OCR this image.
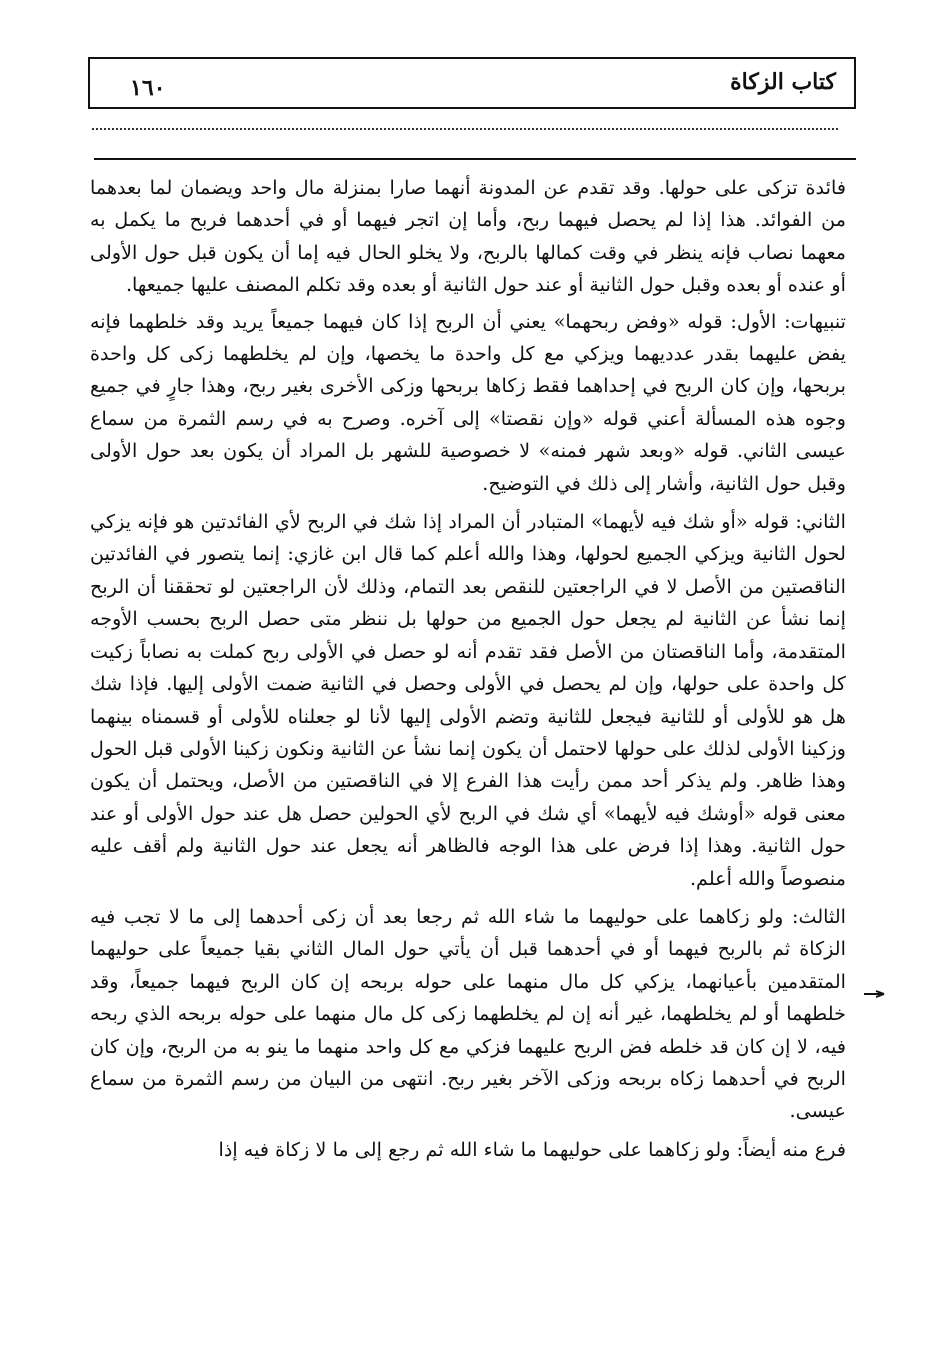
كتاب الزكاة
١٦٠

فائدة تزكى على حولها. وقد تقدم عن المدونة أنهما صارا بمنزلة مال واحد ويضمان لما بعدهما من الفوائد. هذا إذا لم يحصل فيهما ربح، وأما إن اتجر فيهما أو في أحدهما فربح ما يكمل به معهما نصاب فإنه ينظر في وقت كمالها بالربح، ولا يخلو الحال فيه إما أن يكون قبل حول الأولى أو عنده أو بعده وقبل حول الثانية أو عند حول الثانية أو بعده وقد تكلم المصنف عليها جميعها.

تنبيهات: الأول: قوله «وفض ربحهما» يعني أن الربح إذا كان فيهما جميعاً يريد وقد خلطهما فإنه يفض عليهما بقدر عدديهما ويزكي مع كل واحدة ما يخصها، وإن لم يخلطهما زكى كل واحدة بربحها، وإن كان الربح في إحداهما فقط زكاها بربحها وزكى الأخرى بغير ربح، وهذا جارٍ في جميع وجوه هذه المسألة أعني قوله «وإن نقصتا» إلى آخره. وصرح به في رسم الثمرة من سماع عيسى الثاني. قوله «وبعد شهر فمنه» لا خصوصية للشهر بل المراد أن يكون بعد حول الأولى وقبل حول الثانية، وأشار إلى ذلك في التوضيح.

الثاني: قوله «أو شك فيه لأيهما» المتبادر أن المراد إذا شك في الربح لأي الفائدتين هو فإنه يزكي لحول الثانية ويزكي الجميع لحولها، وهذا والله أعلم كما قال ابن غازي: إنما يتصور في الفائدتين الناقصتين من الأصل لا في الراجعتين للنقص بعد التمام، وذلك لأن الراجعتين لو تحققنا أن الربح إنما نشأ عن الثانية لم يجعل حول الجميع من حولها بل ننظر متى حصل الربح بحسب الأوجه المتقدمة، وأما الناقصتان من الأصل فقد تقدم أنه لو حصل في الأولى ربح كملت به نصاباً زكيت كل واحدة على حولها، وإن لم يحصل في الأولى وحصل في الثانية ضمت الأولى إليها. فإذا شك هل هو للأولى أو للثانية فيجعل للثانية وتضم الأولى إليها لأنا لو جعلناه للأولى أو قسمناه بينهما وزكينا الأولى لذلك على حولها لاحتمل أن يكون إنما نشأ عن الثانية ونكون زكينا الأولى قبل الحول وهذا ظاهر. ولم يذكر أحد ممن رأيت هذا الفرع إلا في الناقصتين من الأصل، ويحتمل أن يكون معنى قوله «أوشك فيه لأيهما» أي شك في الربح لأي الحولين حصل هل عند حول الأولى أو عند حول الثانية. وهذا إذا فرض على هذا الوجه فالظاهر أنه يجعل عند حول الثانية ولم أقف عليه منصوصاً والله أعلم.

الثالث: ولو زكاهما على حوليهما ما شاء الله ثم رجعا بعد أن زكى أحدهما إلى ما لا تجب فيه الزكاة ثم بالربح فيهما أو في أحدهما قبل أن يأتي حول المال الثاني بقيا جميعاً على حوليهما المتقدمين بأعيانهما، يزكي كل مال منهما على حوله بربحه إن كان الربح فيهما جميعاً، وقد خلطهما أو لم يخلطهما، غير أنه إن لم يخلطهما زكى كل مال منهما على حوله بربحه الذي ربحه فيه، لا إن كان قد خلطه فض الربح عليهما فزكي مع كل واحد منهما ما ينو به من الربح، وإن كان الربح في أحدهما زكاه بربحه وزكى الآخر بغير ربح. انتهى من البيان من رسم الثمرة من سماع عيسى.

فرع منه أيضاً: ولو زكاهما على حوليهما ما شاء الله ثم رجع إلى ما لا زكاة فيه إذا
